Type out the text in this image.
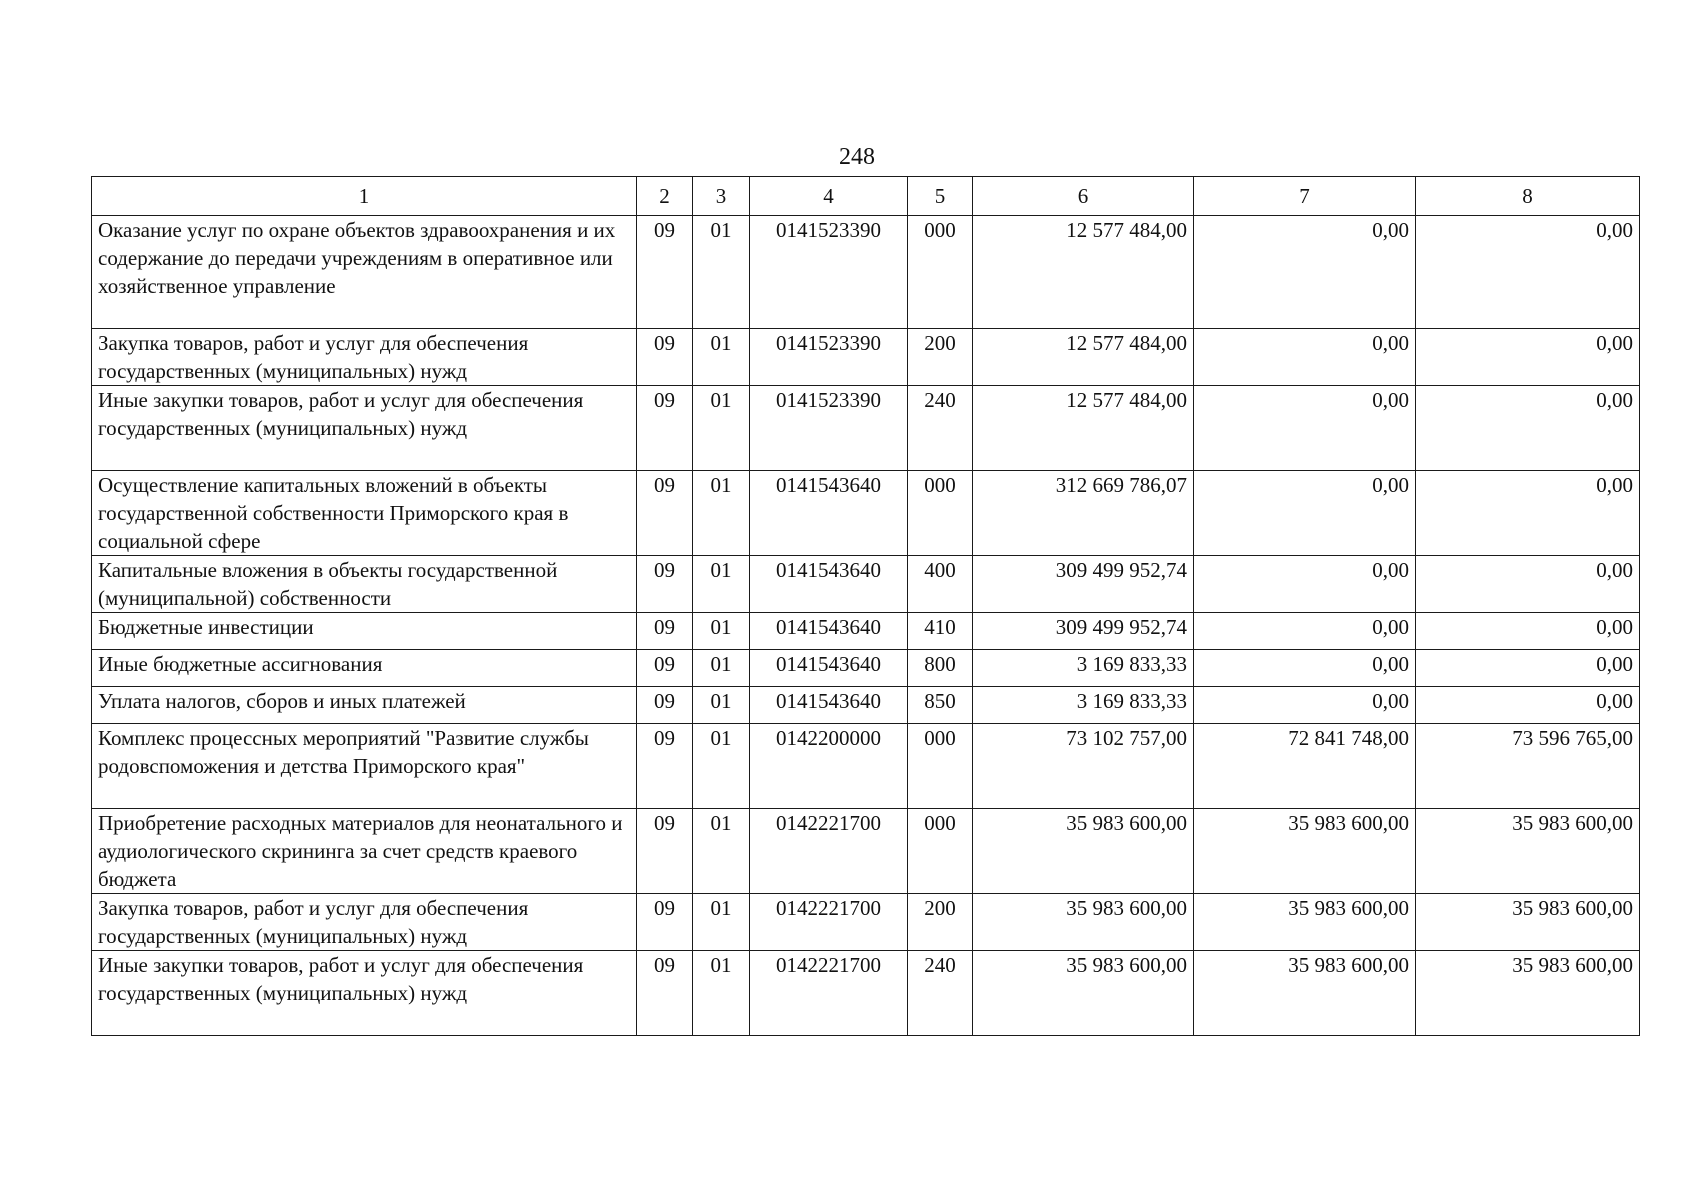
248
1	2	3	4	5	6	7	8
Оказание услуг по охране объектов здравоохранения и их содержание до передачи учреждениям в оперативное или хозяйственное управление	09	01	0141523390	000	12 577 484,00	0,00	0,00
Закупка товаров, работ и услуг для обеспечения государственных (муниципальных) нужд	09	01	0141523390	200	12 577 484,00	0,00	0,00
Иные закупки товаров, работ и услуг для обеспечения государственных (муниципальных) нужд	09	01	0141523390	240	12 577 484,00	0,00	0,00
Осуществление капитальных вложений в объекты государственной собственности Приморского края в социальной сфере	09	01	0141543640	000	312 669 786,07	0,00	0,00
Капитальные вложения в объекты государственной (муниципальной) собственности	09	01	0141543640	400	309 499 952,74	0,00	0,00
Бюджетные инвестиции	09	01	0141543640	410	309 499 952,74	0,00	0,00
Иные бюджетные ассигнования	09	01	0141543640	800	3 169 833,33	0,00	0,00
Уплата налогов, сборов и иных платежей	09	01	0141543640	850	3 169 833,33	0,00	0,00
Комплекс процессных мероприятий "Развитие службы родовспоможения и детства Приморского края"	09	01	0142200000	000	73 102 757,00	72 841 748,00	73 596 765,00
Приобретение расходных материалов для неонатального и аудиологического скрининга за счет средств краевого бюджета	09	01	0142221700	000	35 983 600,00	35 983 600,00	35 983 600,00
Закупка товаров, работ и услуг для обеспечения государственных (муниципальных) нужд	09	01	0142221700	200	35 983 600,00	35 983 600,00	35 983 600,00
Иные закупки товаров, работ и услуг для обеспечения государственных (муниципальных) нужд	09	01	0142221700	240	35 983 600,00	35 983 600,00	35 983 600,00
